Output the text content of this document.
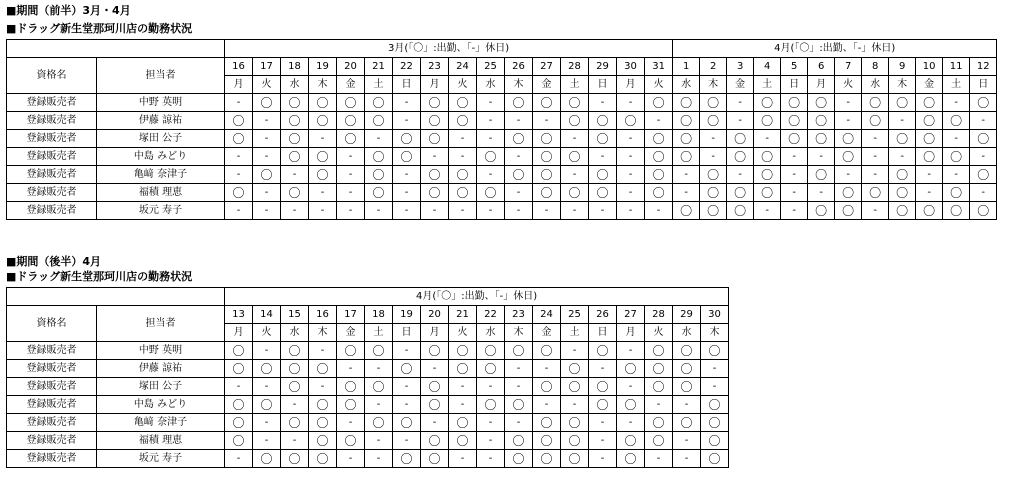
■期間（前半）3月・4月
■ドラッグ新生堂那珂川店の勤務状況
		3月(「〇」:出勤、「-」休日)																4月(「〇」:出勤、「-」休日)											
資格名	担当者	16	17	18	19	20	21	22	23	24	25	26	27	28	29	30	31	1	2	3	4	5	6	7	8	9	10	11	12
		月	火	水	木	金	土	日	月	火	水	木	金	土	日	月	火	水	木	金	土	日	月	火	水	木	金	土	日
登録販売者	中野 英明	-	〇	〇	〇	〇	〇	-	〇	〇	-	〇	〇	〇	-	-	〇	〇	〇	-	〇	〇	〇	-	〇	〇	〇	-	〇
登録販売者	伊藤 諒祐	〇	-	〇	〇	〇	〇	-	〇	〇	-	-	-	〇	〇	〇	-	〇	〇	-	〇	〇	〇	-	〇	-	〇	〇	-
登録販売者	塚田 公子	〇	-	〇	-	〇	-	〇	〇	-	-	〇	〇	-	〇	-	〇	〇	-	〇	-	〇	〇	〇	-	〇	〇	-	〇
登録販売者	中島 みどり	-	-	〇	〇	-	〇	〇	-	-	〇	-	〇	〇	-	-	〇	〇	-	〇	〇	-	-	〇	-	-	〇	〇	-
登録販売者	亀﨑 奈津子	-	〇	-	〇	-	〇	-	〇	〇	-	〇	〇	-	〇	-	〇	-	〇	-	〇	-	〇	-	-	〇	-	-	〇
登録販売者	福積 理恵	〇	-	〇	-	-	〇	-	〇	〇	〇	-	〇	〇	〇	-	〇	-	〇	〇	〇	-	-	〇	〇	〇	-	〇	-
登録販売者	坂元 寿子	-	-	-	-	-	-	-	-	-	-	-	-	-	-	-	-	〇	〇	〇	-	-	〇	〇	-	〇	〇	〇	〇
■期間（後半）4月
■ドラッグ新生堂那珂川店の勤務状況
		4月(「〇」:出勤、「-」休日)																	
資格名	担当者	13	14	15	16	17	18	19	20	21	22	23	24	25	26	27	28	29	30
		月	火	水	木	金	土	日	月	火	水	木	金	土	日	月	火	水	木
登録販売者	中野 英明	〇	-	〇	-	〇	〇	-	〇	〇	〇	〇	〇	-	〇	-	〇	〇	〇
登録販売者	伊藤 諒祐	〇	〇	〇	〇	-	-	〇	-	〇	〇	-	-	〇	-	〇	〇	〇	-
登録販売者	塚田 公子	-	-	〇	-	〇	〇	-	〇	-	-	-	〇	〇	〇	-	〇	〇	-
登録販売者	中島 みどり	〇	〇	-	〇	〇	-	-	〇	-	〇	〇	-	-	〇	〇	-	-	〇
登録販売者	亀﨑 奈津子	〇	-	〇	〇	-	〇	〇	-	〇	-	-	〇	〇	-	-	〇	〇	〇
登録販売者	福積 理恵	〇	-	-	〇	〇	-	-	〇	〇	-	〇	〇	〇	-	〇	〇	-	〇
登録販売者	坂元 寿子	-	〇	〇	〇	-	-	〇	〇	-	-	〇	〇	〇	-	〇	-	-	〇
